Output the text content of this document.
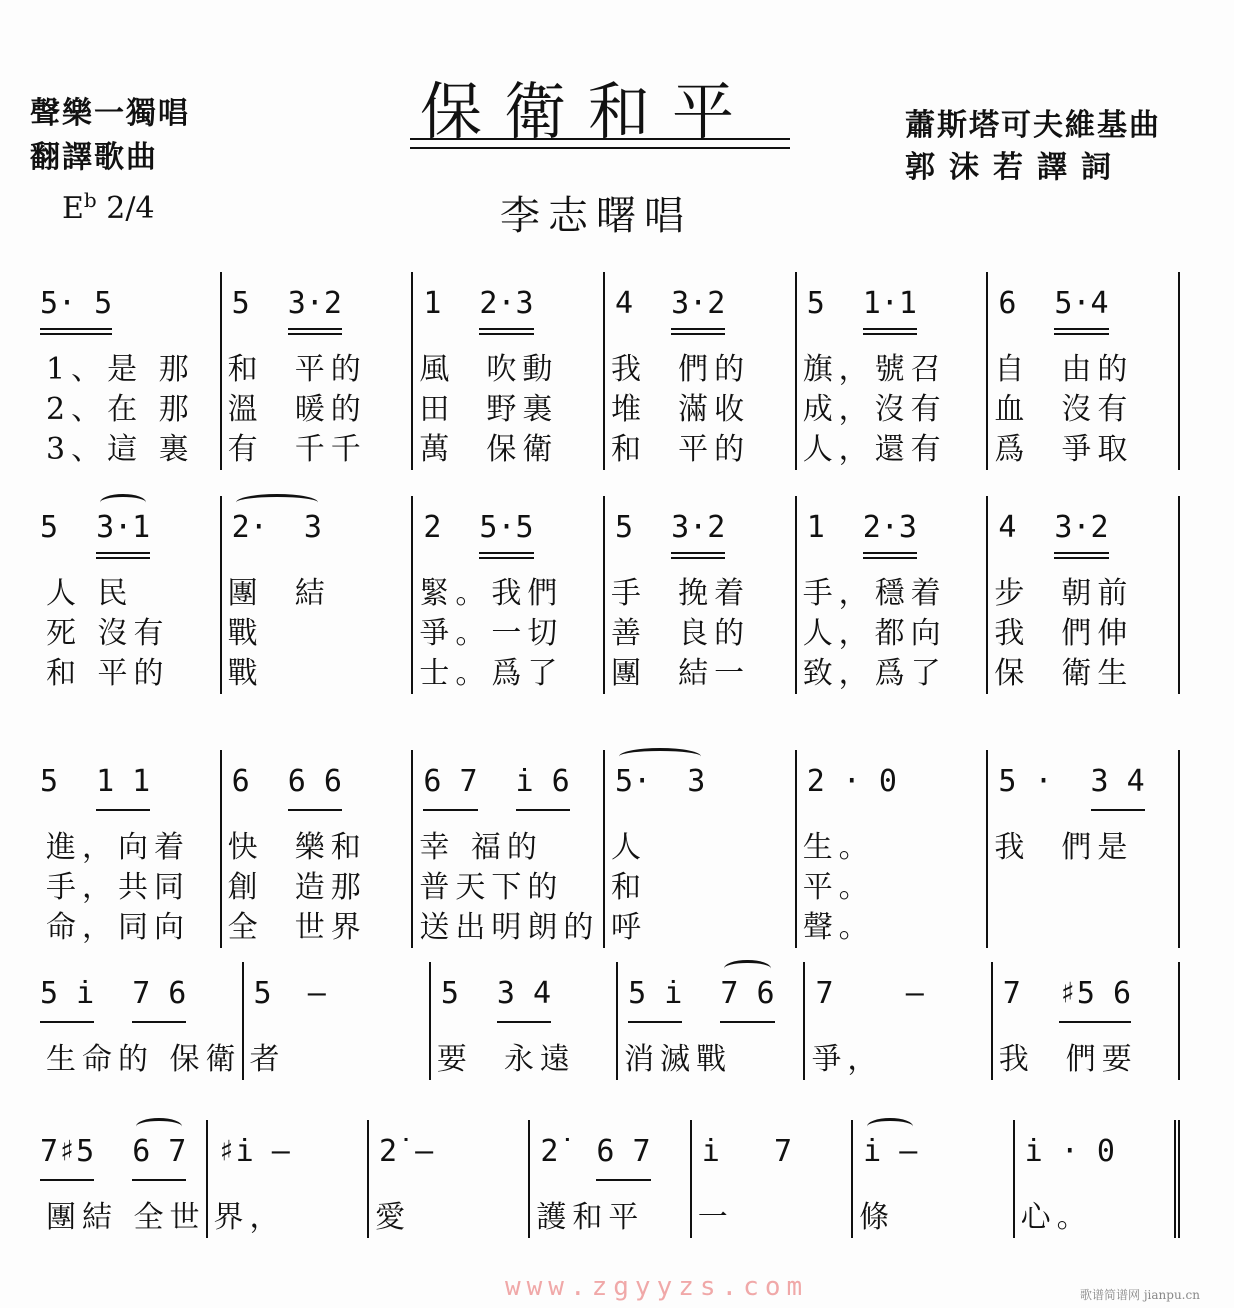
聲樂一獨唱
翻譯歌曲
保衛和平	蕭斯塔可夫維基曲
郭沫若譯詞
$E^b$ 2/4	李志曙唱
5· 5
1、是 那
2、在 那
3、這 裏
5 3·2
和  平的
溫  暖的
有  千千
1 2·3
風  吹動
田  野裏
萬  保衛
4 3·2
我  們的
堆  滿收
和  平的
5 1·1
旗，號召
成，沒有
人，還有
6 5·4
自  由的
血  沒有
爲  爭取
5 3·1
人 民
死 沒有
和 平的
2·  3
團  結
戰
戰
2 5·5
緊。我們
爭。一切
士。爲了
5 3·2
手  挽着
善  良的
團  結一
1 2·3
手，穩着
人，都向
致，爲了
4 3·2
步  朝前
我  們伸
保  衛生
5 1 1
進，向着
手，共同
命，同向
6 6 6
快  樂和
創  造那
全  世界
6 7 i̇ 6
幸 福的
普天下的
送出明朗的
5·  3
人
和
呼
2 · 0
生。
平。
聲。
5 · 3 4
我  們是
5 i̇ 7 6
生命的 保衛
5  —
者
5 3 4
要  永遠
5 i̇ 7 6
消滅戰
7    —
爭，
7 ♯5 6
我  們要
7♯5 6 7
團結 全世
♯i̇ —
界，
2̇ —
愛
2̇ 6 7
護和平
i̇   7
一
i̇ —
條
i̇ · 0
心。
www.zgyyzs.com	歌谱简谱网 jianpu.cn
